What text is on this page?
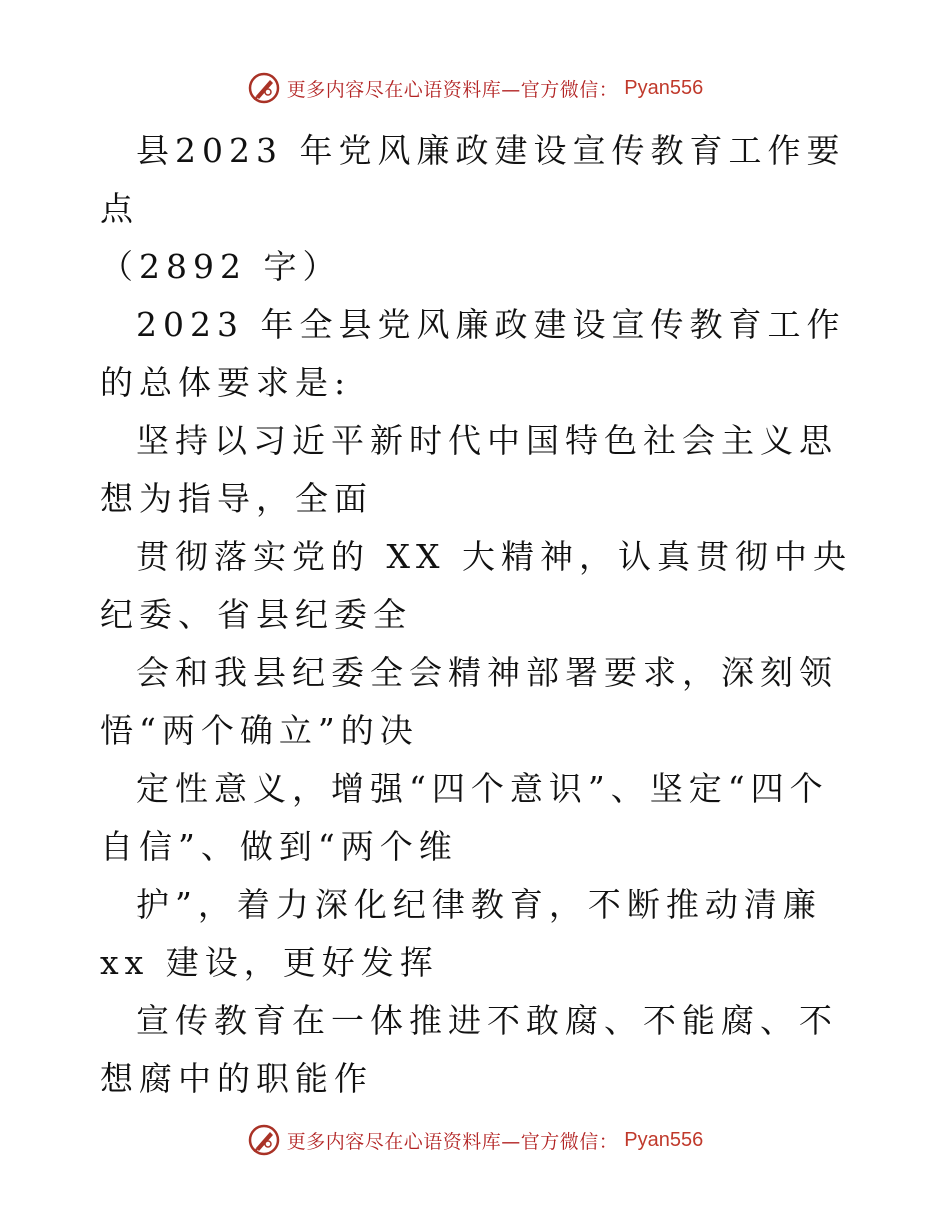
更多内容尽在心语资料库—官方微信： Pyan556

县2023 年党风廉政建设宣传教育工作要点

（2892 字）

2023 年全县党风廉政建设宣传教育工作的总体要求是:

坚持以习近平新时代中国特色社会主义思想为指导，全面

贯彻落实党的 XX 大精神，认真贯彻中央纪委、省县纪委全

会和我县纪委全会精神部署要求，深刻领悟“两个确立”的决

定性意义，增强“四个意识”、坚定“四个自信”、做到“两个维

护”，着力深化纪律教育，不断推动清廉 xx 建设，更好发挥

宣传教育在一体推进不敢腐、不能腐、不想腐中的职能作

更多内容尽在心语资料库—官方微信： Pyan556
